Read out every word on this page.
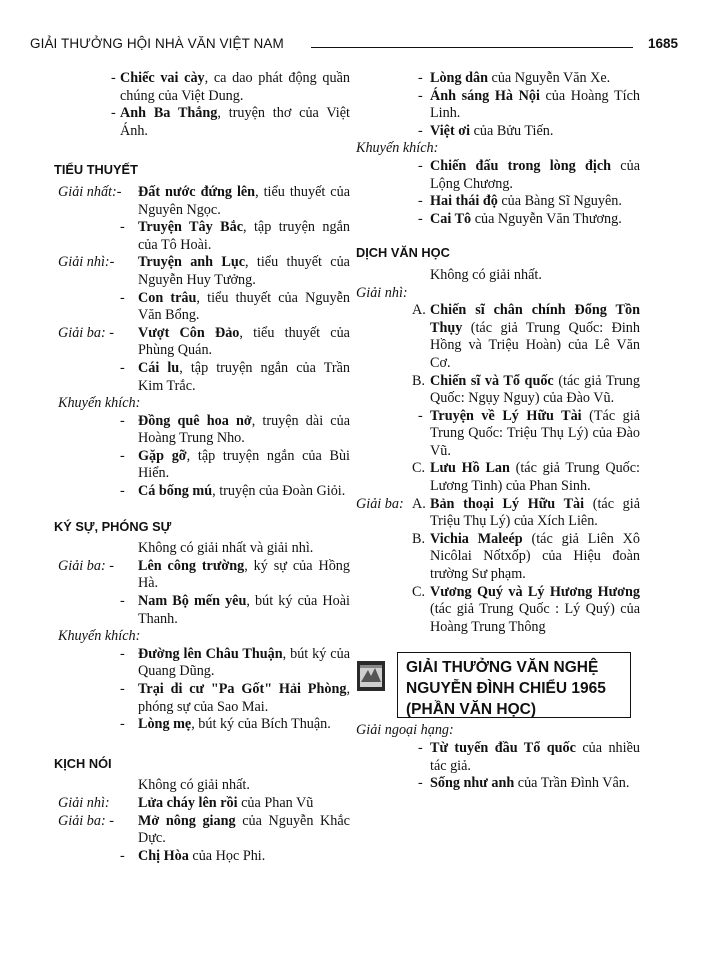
GIẢI THƯỞNG HỘI NHÀ VĂN VIỆT NAM	1685
- Chiếc vai cày, ca dao phát động quần chúng của Việt Dung.
- Anh Ba Thắng, truyện thơ của Việt Ánh.
TIỂU THUYẾT
Giải nhất:- Đất nước đứng lên, tiểu thuyết của Nguyên Ngọc.
- Truyện Tây Bắc, tập truyện ngắn của Tô Hoài.
Giải nhì:- Truyện anh Lục, tiểu thuyết của Nguyễn Huy Tưởng.
- Con trâu, tiểu thuyết của Nguyễn Văn Bổng.
Giải ba: - Vượt Côn Đảo, tiểu thuyết của Phùng Quán.
- Cái lu, tập truyện ngắn của Trần Kim Trắc.
Khuyến khích:
- Đồng quê hoa nở, truyện dài của Hoàng Trung Nho.
- Gặp gỡ, tập truyện ngắn của Bùi Hiển.
- Cá bống mú, truyện của Đoàn Giỏi.
KÝ SỰ, PHÓNG SỰ
Không có giải nhất và giải nhì.
Giải ba: - Lên công trường, ký sự của Hồng Hà.
- Nam Bộ mến yêu, bút ký của Hoài Thanh.
Khuyến khích:
- Đường lên Châu Thuận, bút ký của Quang Dũng.
- Trại di cư "Pa Gốt" Hải Phòng, phóng sự của Sao Mai.
- Lòng mẹ, bút ký của Bích Thuận.
KỊCH NÓI
Không có giải nhất.
Giải nhì: Lửa cháy lên rồi của Phan Vũ
Giải ba: - Mở nông giang của Nguyễn Khắc Dực.
- Chị Hòa của Học Phi.
- Lòng dân của Nguyễn Văn Xe.
- Ánh sáng Hà Nội của Hoàng Tích Linh.
- Việt ơi của Bửu Tiến.
Khuyến khích:
- Chiến đấu trong lòng địch của Lộng Chương.
- Hai thái độ của Bàng Sĩ Nguyên.
- Cai Tô của Nguyễn Văn Thương.
DỊCH VĂN HỌC
Không có giải nhất.
Giải nhì:
A. Chiến sĩ chân chính Đổng Tồn Thụy (tác giả Trung Quốc: Đinh Hồng và Triệu Hoàn) của Lê Văn Cơ.
B. Chiến sĩ và Tổ quốc (tác giả Trung Quốc: Ngụy Nguy) của Đào Vũ.
- Truyện về Lý Hữu Tài (Tác giả Trung Quốc: Triệu Thụ Lý) của Đào Vũ.
C. Lưu Hồ Lan (tác giả Trung Quốc: Lương Tinh) của Phan Sinh.
Giải ba: A. Bản thoại Lý Hữu Tài (tác giả Triệu Thụ Lý) của Xích Liên.
B. Vichia Maleép (tác giả Liên Xô Nicôlai Nốtxốp) của Hiệu đoàn trường Sư phạm.
C. Vương Quý và Lý Hương Hương (tác giả Trung Quốc : Lý Quý) của Hoàng Trung Thông
GIẢI THƯỞNG VĂN NGHỆ
NGUYỄN ĐÌNH CHIỂU 1965
(PHẦN VĂN HỌC)
Giải ngoại hạng:
- Từ tuyến đầu Tổ quốc của nhiều tác giả.
- Sống như anh của Trần Đình Vân.
